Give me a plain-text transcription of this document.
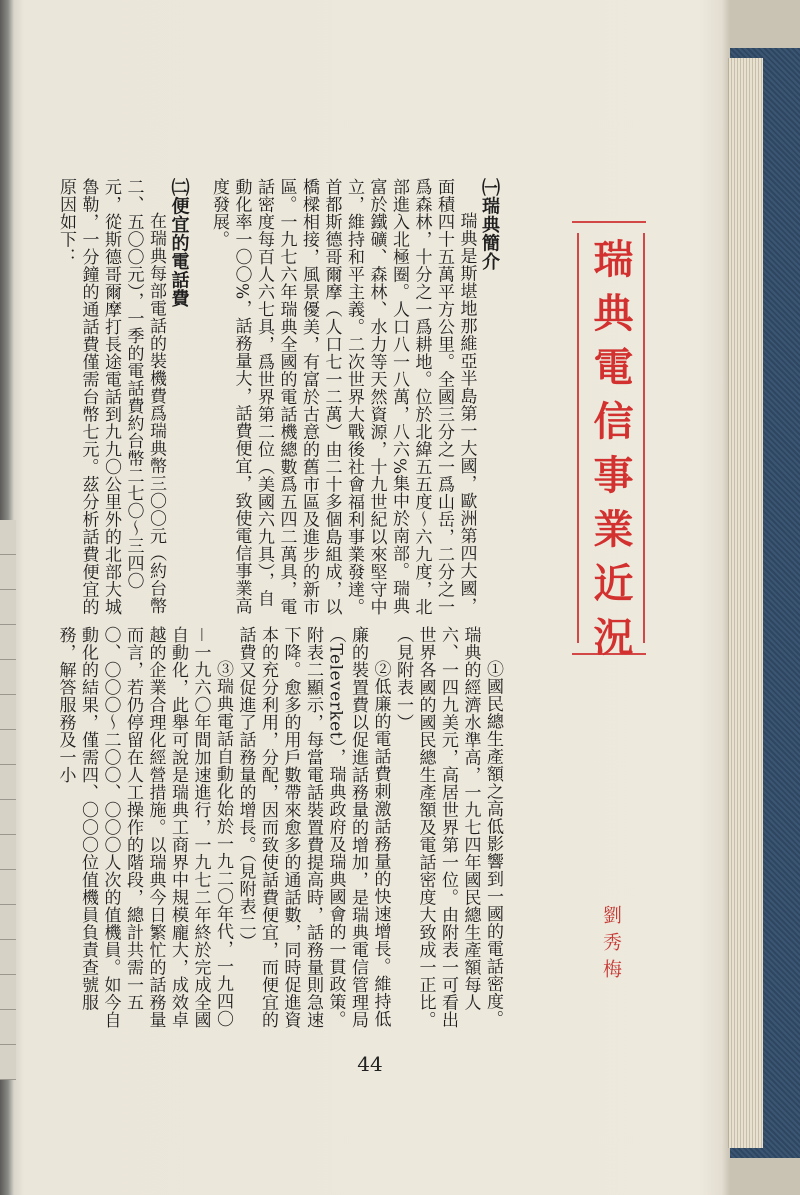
瑞典電信事業近況
劉秀梅
㈠瑞典簡介
瑞典是斯堪地那維亞半島第一大國，歐洲第四大國，面積四十五萬平方公里。全國三分之一爲山岳，二分之一爲森林，十分之一爲耕地。位於北緯五五度～六九度，北部進入北極圈。人口八一八萬，八六%集中於南部。瑞典富於鐵礦、森林、水力等天然資源，十九世紀以來堅守中立，維持和平主義。二次世界大戰後社會福利事業發達。首都斯德哥爾摩（人口七一二萬）由二十多個島組成，以橋樑相接，風景優美，有富於古意的舊市區及進步的新市區。一九七六年瑞典全國的電話機總數爲五四二萬具，電話密度每百人六七具，爲世界第二位（美國六九具），自動化率一〇〇%，話務量大，話費便宜，致使電信事業高度發展。
㈡便宜的電話費
在瑞典每部電話的裝機費爲瑞典幣三〇〇元（約台幣二、五〇〇元），一季的電話費約台幣二七〇～三四〇元，從斯德哥爾摩打長途電話到九九〇公里外的北部大城魯勒，一分鐘的通話費僅需台幣七元。茲分析話費便宜的原因如下：
①國民總生產額之高低影響到一國的電話密度。瑞典的經濟水準高，一九七四年國民總生產額每人六、一四九美元，高居世界第一位。由附表一可看出世界各國的國民總生產額及電話密度大致成一正比。（見附表一）
②低廉的電話費刺激話務量的快速增長。維持低廉的裝置費以促進話務量的增加，是瑞典電信管理局（Televerket），瑞典政府及瑞典國會的一貫政策。附表二顯示，每當電話裝置費提高時，話務量則急速下降。愈多的用戶數帶來愈多的通話數，同時促進資本的充分利用，分配，因而致使話費便宜，而便宜的話費又促進了話務量的增長。（見附表二）
③瑞典電話自動化始於一九二〇年代，一九四〇－一九六〇年間加速進行，一九七二年終於完成全國自動化，此舉可說是瑞典工商界中規模龐大，成效卓越的企業合理化經營措施。以瑞典今日繁忙的話務量而言，若仍停留在人工操作的階段，總計共需一五〇、〇〇〇～二〇〇、〇〇〇人次的值機員。如今自動化的結果，僅需四、〇〇〇位值機員負責查號服務，解答服務及一小
44
